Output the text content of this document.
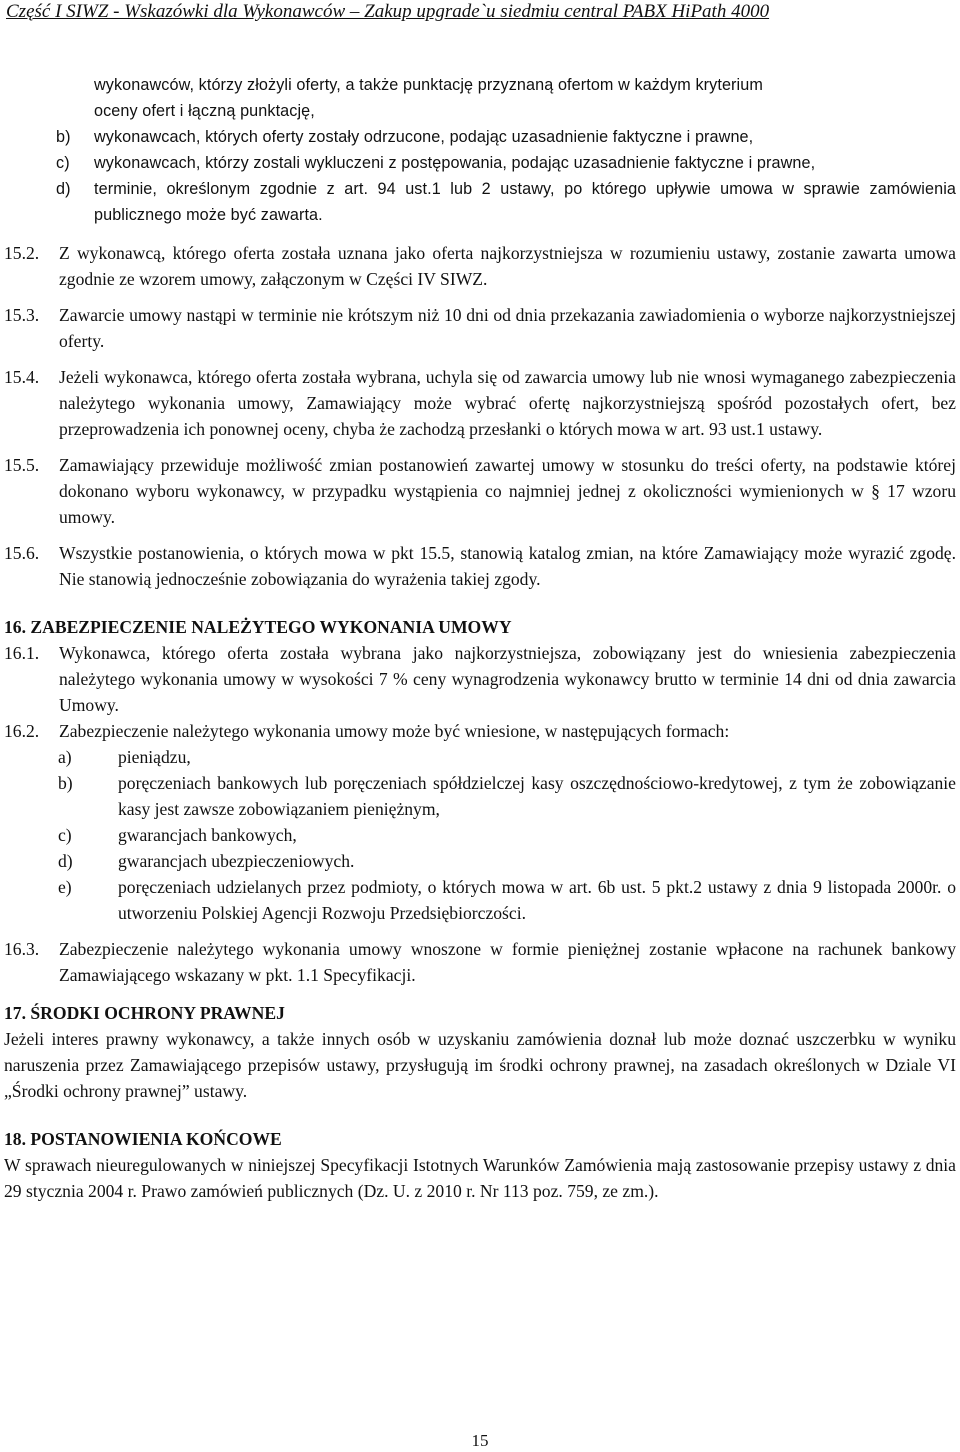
Część I SIWZ - Wskazówki dla Wykonawców – Zakup upgrade`u siedmiu central PABX HiPath 4000

wykonawców, którzy złożyli oferty, a także punktację przyznaną ofertom w każdym kryterium

oceny ofert i łączną punktację,

b) wykonawcach, których oferty zostały odrzucone, podając uzasadnienie faktyczne i prawne,

c) wykonawcach, którzy zostali wykluczeni z postępowania, podając uzasadnienie faktyczne i prawne,

d) terminie, określonym zgodnie z art. 94 ust.1 lub 2 ustawy, po którego upływie umowa w sprawie zamówienia publicznego może być zawarta.

15.2. Z wykonawcą, którego oferta została uznana jako oferta najkorzystniejsza w rozumieniu ustawy, zostanie zawarta umowa zgodnie ze wzorem umowy, załączonym w Części IV SIWZ.

15.3. Zawarcie umowy nastąpi w terminie nie krótszym niż 10 dni od dnia przekazania zawiadomienia o wyborze najkorzystniejszej oferty.

15.4. Jeżeli wykonawca, którego oferta została wybrana, uchyla się od zawarcia umowy lub nie wnosi wymaganego zabezpieczenia należytego wykonania umowy, Zamawiający może wybrać ofertę najkorzystniejszą spośród pozostałych ofert, bez przeprowadzenia ich ponownej oceny, chyba że zachodzą przesłanki o których mowa w art. 93 ust.1 ustawy.

15.5. Zamawiający przewiduje możliwość zmian postanowień zawartej umowy w stosunku do treści oferty, na podstawie której dokonano wyboru wykonawcy, w przypadku wystąpienia co najmniej jednej z okoliczności wymienionych w § 17 wzoru umowy.

15.6. Wszystkie postanowienia, o których mowa w pkt 15.5, stanowią katalog zmian, na które Zamawiający może wyrazić zgodę. Nie stanowią jednocześnie zobowiązania do wyrażenia takiej zgody.

16. ZABEZPIECZENIE NALEŻYTEGO WYKONANIA UMOWY

16.1. Wykonawca, którego oferta została wybrana jako najkorzystniejsza, zobowiązany jest do wniesienia zabezpieczenia należytego wykonania umowy w wysokości 7 % ceny wynagrodzenia wykonawcy brutto w terminie 14 dni od dnia zawarcia Umowy.

16.2. Zabezpieczenie należytego wykonania umowy może być wniesione, w następujących formach:

a)	pieniądzu,

b)	poręczeniach bankowych lub poręczeniach spółdzielczej kasy oszczędnościowo-kredytowej, z tym że zobowiązanie kasy jest zawsze zobowiązaniem pieniężnym,

c)	gwarancjach bankowych,

d)	gwarancjach ubezpieczeniowych.

e)	poręczeniach udzielanych przez podmioty, o których mowa w art. 6b ust. 5 pkt.2 ustawy z dnia 9 listopada 2000r. o utworzeniu Polskiej Agencji Rozwoju Przedsiębiorczości.

16.3. Zabezpieczenie należytego wykonania umowy wnoszone w formie pieniężnej zostanie wpłacone na rachunek bankowy Zamawiającego wskazany w pkt. 1.1 Specyfikacji.

17. ŚRODKI OCHRONY PRAWNEJ

Jeżeli interes prawny wykonawcy, a także innych osób w uzyskaniu zamówienia doznał lub może doznać uszczerbku w wyniku naruszenia przez Zamawiającego przepisów ustawy, przysługują im środki ochrony prawnej, na zasadach określonych w Dziale VI „Środki ochrony prawnej” ustawy.

18. POSTANOWIENIA KOŃCOWE

W sprawach nieuregulowanych w niniejszej Specyfikacji Istotnych Warunków Zamówienia mają zastosowanie przepisy ustawy z dnia 29 stycznia 2004 r. Prawo zamówień publicznych (Dz. U. z 2010 r. Nr 113 poz. 759, ze zm.).

15
